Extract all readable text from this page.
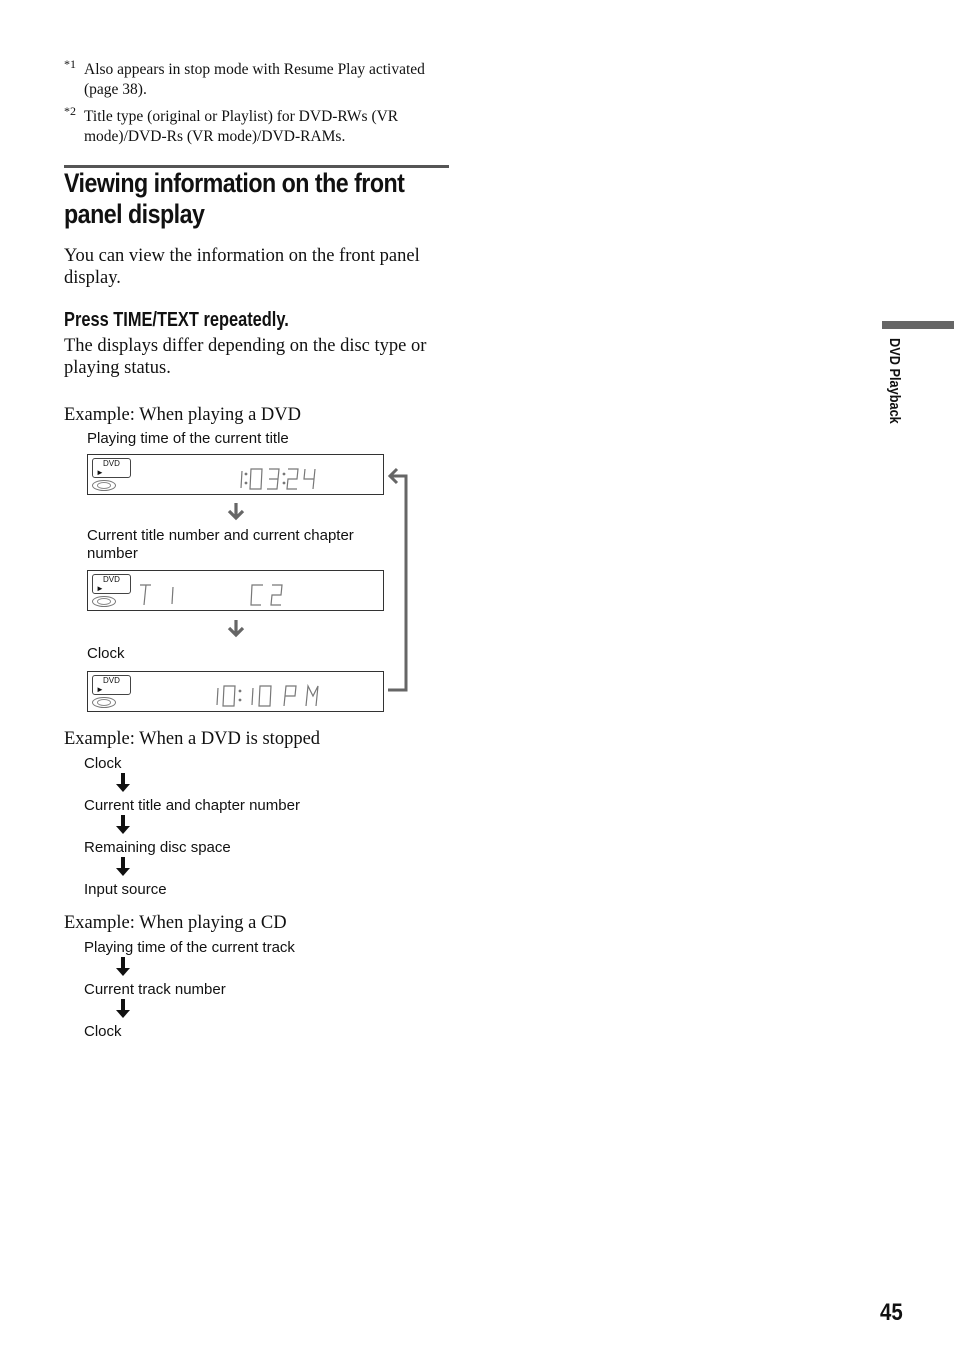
*1 Also appears in stop mode with Resume Play activated (page 38).
*2 Title type (original or Playlist) for DVD-RWs (VR mode)/DVD-Rs (VR mode)/DVD-RAMs.
Viewing information on the front panel display
You can view the information on the front panel display.
Press TIME/TEXT repeatedly.
The displays differ depending on the disc type or playing status.
Example: When playing a DVD
Playing time of the current title
DVD
►
Current title number and current chapter number
DVD
►
Clock
DVD
►
Example: When a DVD is stopped
Clock
Current title and chapter number
Remaining disc space
Input source
Example: When playing a CD
Playing time of the current track
Current track number
Clock
DVD Playback
45
